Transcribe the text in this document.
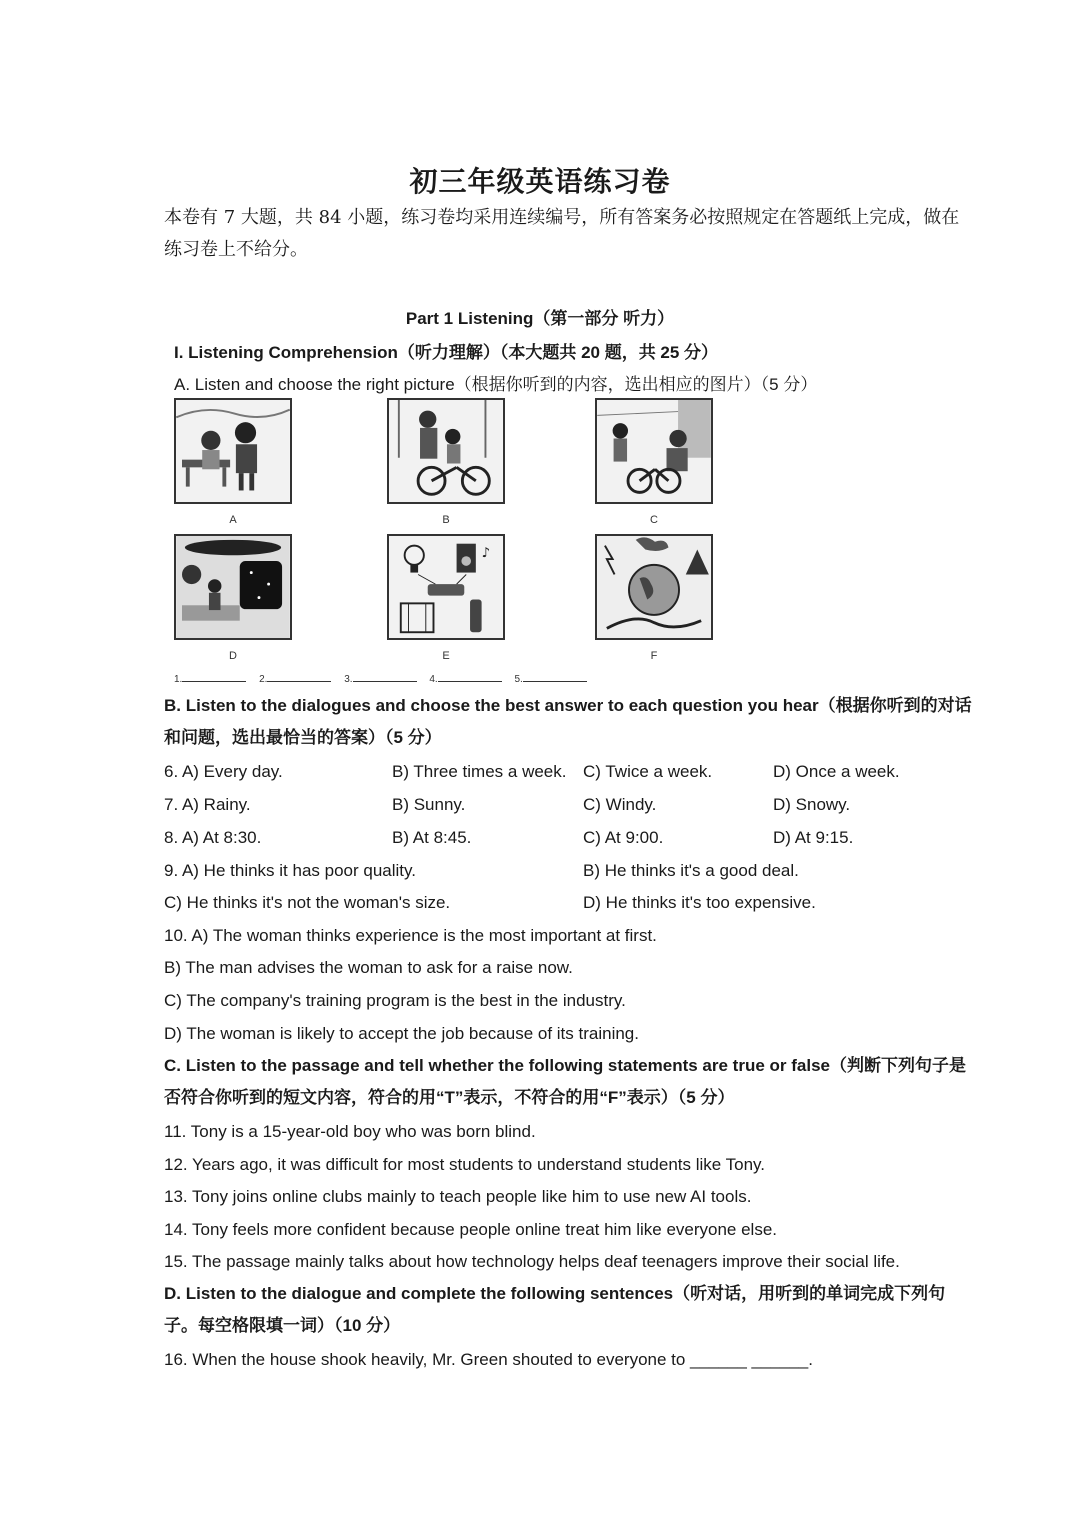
初三年级英语练习卷
本卷有 7 大题，共 84 小题，练习卷均采用连续编号，所有答案务必按照规定在答题纸上完成，做在练习卷上不给分。
Part 1 Listening（第一部分 听力）
I. Listening Comprehension（听力理解）（本大题共 20 题，共 25 分）
A. Listen and choose the right picture（根据你听到的内容，选出相应的图片）（5 分）
A	B	C
D
♪
E	F
1.	2.	3.	4.	5.
B. Listen to the dialogues and choose the best answer to each question you hear（根据你听到的对话和问题，选出最恰当的答案）（5 分）
6. A) Every day.	B) Three times a week. C) Twice a week.	D) Once a week.
7. A) Rainy.	B) Sunny.	C) Windy.	D) Snowy.
8. A) At 8:30.	B) At 8:45.	C) At 9:00.	D) At 9:15.
9. A) He thinks it has poor quality.	B) He thinks it's a good deal.
C) He thinks it's not the woman's size.	D) He thinks it's too expensive.
10. A) The woman thinks experience is the most important at first.
B) The man advises the woman to ask for a raise now.
C) The company's training program is the best in the industry.
D) The woman is likely to accept the job because of its training.
C. Listen to the passage and tell whether the following statements are true or false（判断下列句子是否符合你听到的短文内容，符合的用“T”表示，不符合的用“F”表示）（5 分）
11. Tony is a 15-year-old boy who was born blind.
12. Years ago, it was difficult for most students to understand students like Tony.
13. Tony joins online clubs mainly to teach people like him to use new AI tools.
14. Tony feels more confident because people online treat him like everyone else.
15. The passage mainly talks about how technology helps deaf teenagers improve their social life.
D. Listen to the dialogue and complete the following sentences（听对话，用听到的单词完成下列句子。每空格限填一词）（10 分）
16. When the house shook heavily, Mr. Green shouted to everyone to ______ ______.
